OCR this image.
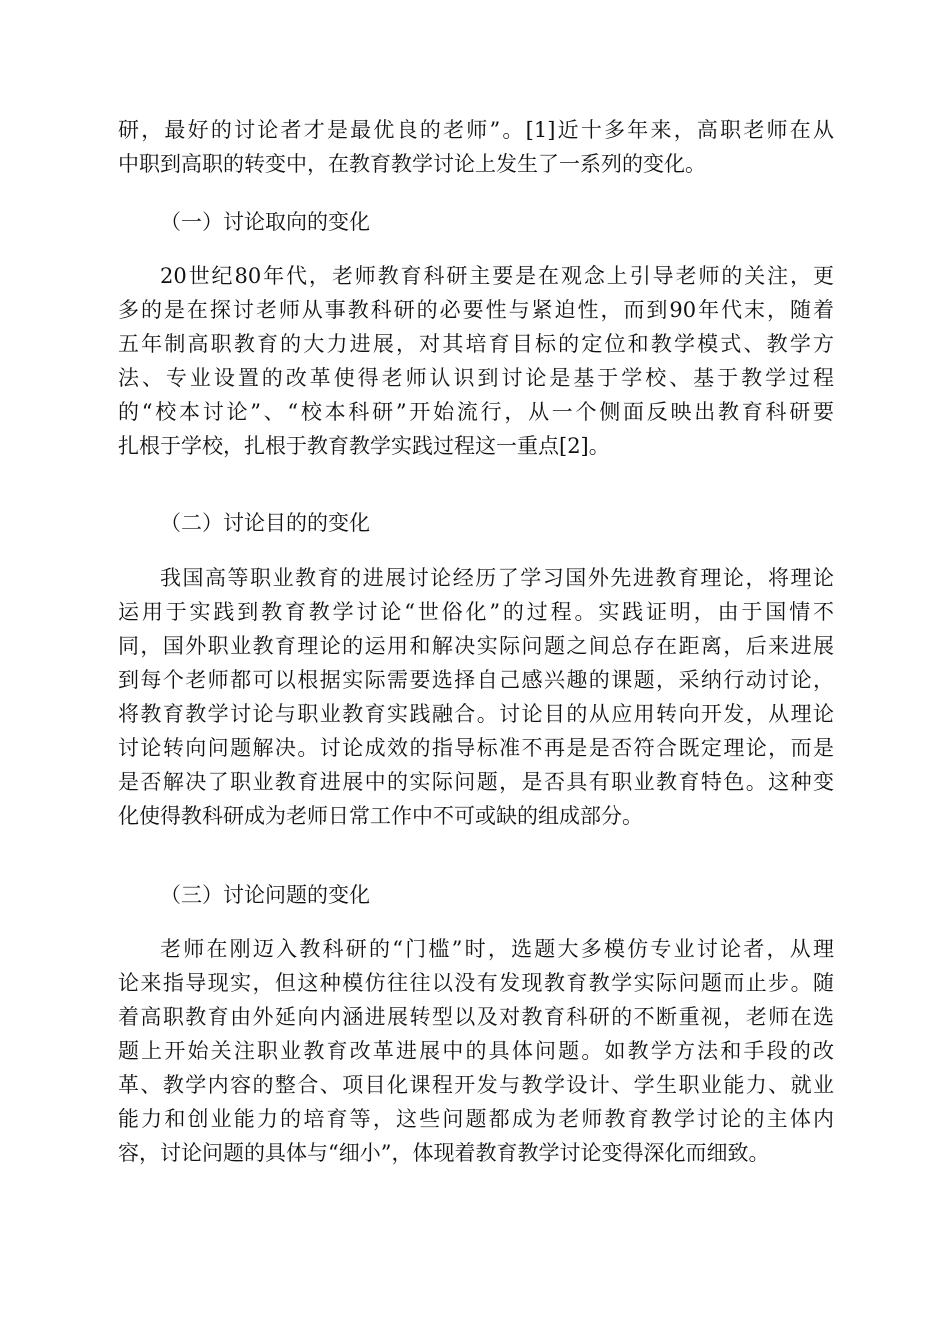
研，最好的讨论者才是最优良的老师”。[1]近十多年来，高职老师在从
中职到高职的转变中，在教育教学讨论上发生了一系列的变化。
（一）讨论取向的变化
20世纪80年代，老师教育科研主要是在观念上引导老师的关注，更
多的是在探讨老师从事教科研的必要性与紧迫性，而到90年代末，随着
五年制高职教育的大力进展，对其培育目标的定位和教学模式、教学方
法、专业设置的改革使得老师认识到讨论是基于学校、基于教学过程
的“校本讨论”、“校本科研”开始流行，从一个侧面反映出教育科研要
扎根于学校，扎根于教育教学实践过程这一重点[2]。
（二）讨论目的的变化
我国高等职业教育的进展讨论经历了学习国外先进教育理论，将理论
运用于实践到教育教学讨论“世俗化”的过程。实践证明，由于国情不
同，国外职业教育理论的运用和解决实际问题之间总存在距离，后来进展
到每个老师都可以根据实际需要选择自己感兴趣的课题，采纳行动讨论，
将教育教学讨论与职业教育实践融合。讨论目的从应用转向开发，从理论
讨论转向问题解决。讨论成效的指导标准不再是是否符合既定理论，而是
是否解决了职业教育进展中的实际问题，是否具有职业教育特色。这种变
化使得教科研成为老师日常工作中不可或缺的组成部分。
（三）讨论问题的变化
老师在刚迈入教科研的“门槛”时，选题大多模仿专业讨论者，从理
论来指导现实，但这种模仿往往以没有发现教育教学实际问题而止步。随
着高职教育由外延向内涵进展转型以及对教育科研的不断重视，老师在选
题上开始关注职业教育改革进展中的具体问题。如教学方法和手段的改
革、教学内容的整合、项目化课程开发与教学设计、学生职业能力、就业
能力和创业能力的培育等，这些问题都成为老师教育教学讨论的主体内
容，讨论问题的具体与“细小”，体现着教育教学讨论变得深化而细致。
